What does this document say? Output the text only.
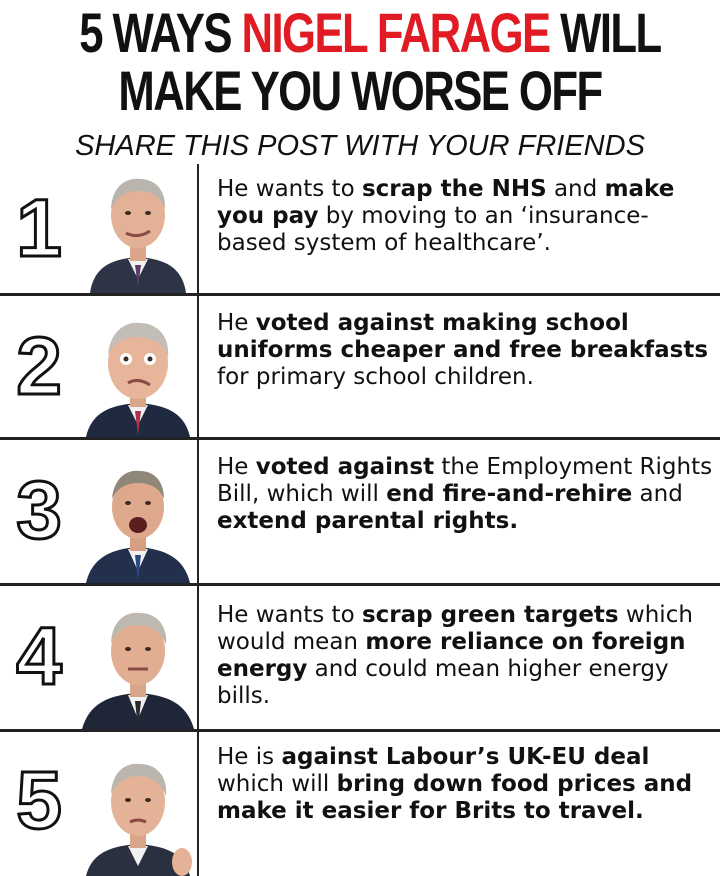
5 WAYS NIGEL FARAGE WILL
MAKE YOU WORSE OFF
SHARE THIS POST WITH YOUR FRIENDS
1	He wants to scrap the NHS and make you pay by moving to an ‘insurance-based system of healthcare’.
2	He voted against making school uniforms cheaper and free breakfasts for primary school children.
3	He voted against the Employment Rights Bill, which will end fire-and-rehire and extend parental rights.
4	He wants to scrap green targets which would mean more reliance on foreign energy and could mean higher energy bills.
5	He is against Labour’s UK-EU deal which will bring down food prices and make it easier for Brits to travel.
